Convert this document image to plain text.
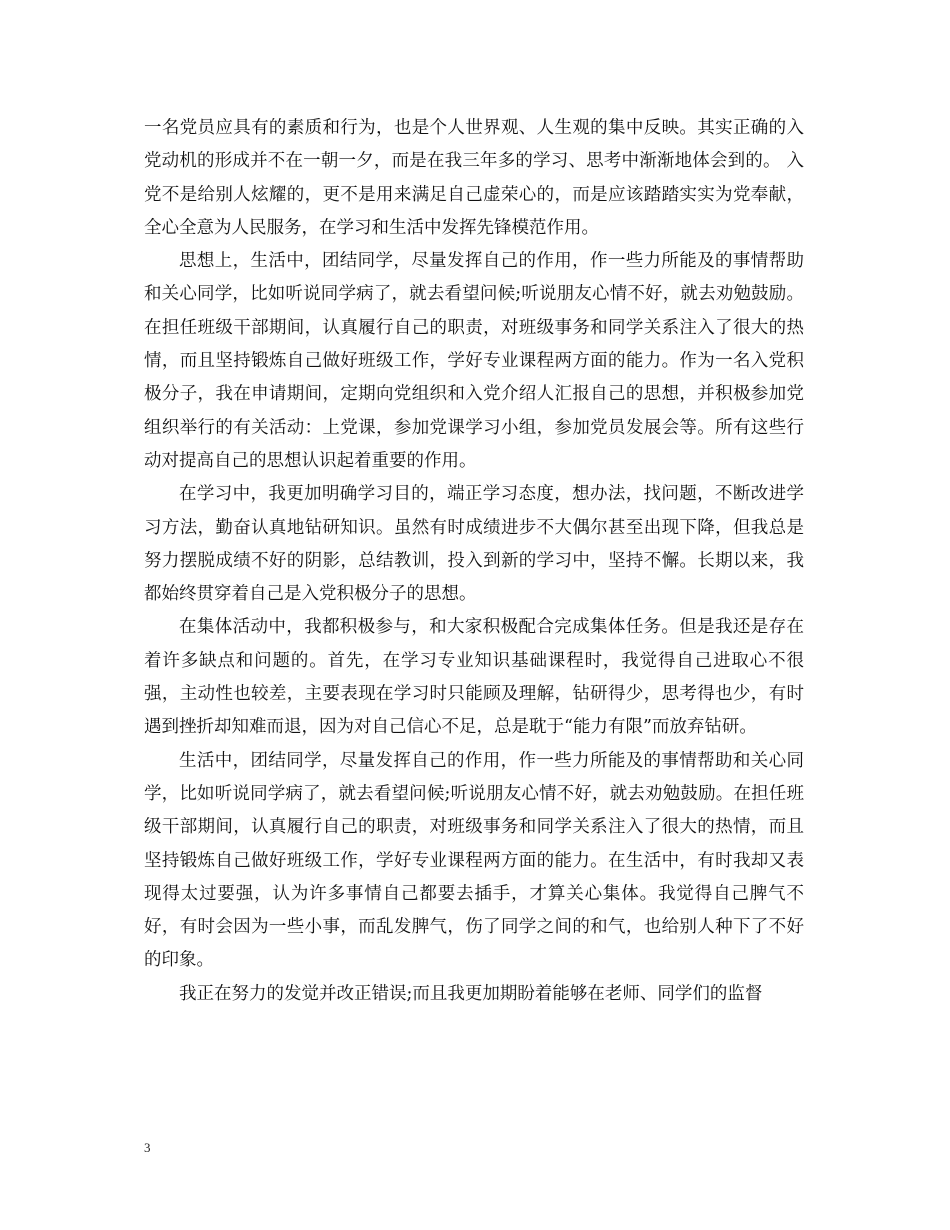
一名党员应具有的素质和行为，也是个人世界观、人生观的集中反映。其实正确的入党动机的形成并不在一朝一夕，而是在我三年多的学习、思考中渐渐地体会到的。 入党不是给别人炫耀的，更不是用来满足自己虚荣心的，而是应该踏踏实实为党奉献，全心全意为人民服务，在学习和生活中发挥先锋模范作用。

思想上，生活中，团结同学，尽量发挥自己的作用，作一些力所能及的事情帮助和关心同学，比如听说同学病了，就去看望问候;听说朋友心情不好，就去劝勉鼓励。在担任班级干部期间，认真履行自己的职责，对班级事务和同学关系注入了很大的热情，而且坚持锻炼自己做好班级工作，学好专业课程两方面的能力。作为一名入党积极分子，我在申请期间，定期向党组织和入党介绍人汇报自己的思想，并积极参加党组织举行的有关活动：上党课，参加党课学习小组，参加党员发展会等。所有这些行动对提高自己的思想认识起着重要的作用。

在学习中，我更加明确学习目的，端正学习态度，想办法，找问题，不断改进学习方法，勤奋认真地钻研知识。虽然有时成绩进步不大偶尔甚至出现下降，但我总是努力摆脱成绩不好的阴影，总结教训，投入到新的学习中，坚持不懈。长期以来，我都始终贯穿着自己是入党积极分子的思想。

在集体活动中，我都积极参与，和大家积极配合完成集体任务。但是我还是存在着许多缺点和问题的。首先，在学习专业知识基础课程时，我觉得自己进取心不很强，主动性也较差，主要表现在学习时只能顾及理解，钻研得少，思考得也少，有时遇到挫折却知难而退，因为对自己信心不足，总是耽于“能力有限”而放弃钻研。

生活中，团结同学，尽量发挥自己的作用，作一些力所能及的事情帮助和关心同学，比如听说同学病了，就去看望问候;听说朋友心情不好，就去劝勉鼓励。在担任班级干部期间，认真履行自己的职责，对班级事务和同学关系注入了很大的热情，而且坚持锻炼自己做好班级工作，学好专业课程两方面的能力。在生活中，有时我却又表现得太过要强，认为许多事情自己都要去插手，才算关心集体。我觉得自己脾气不好，有时会因为一些小事，而乱发脾气，伤了同学之间的和气，也给别人种下了不好的印象。

我正在努力的发觉并改正错误;而且我更加期盼着能够在老师、同学们的监督

3
